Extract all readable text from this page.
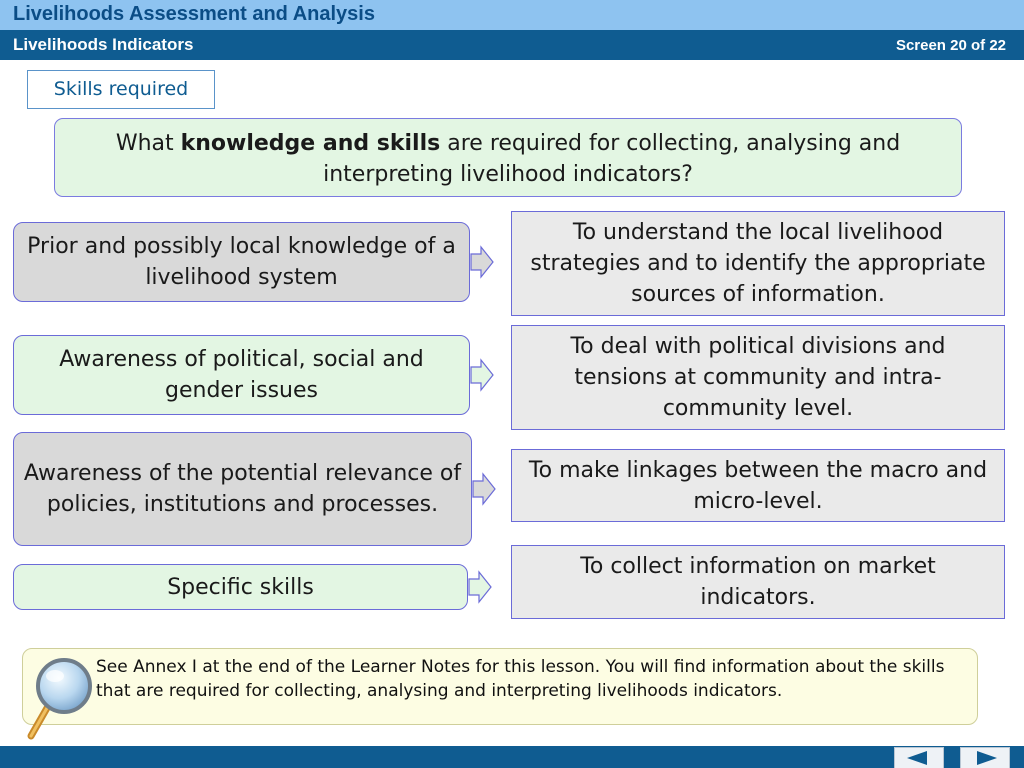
Livelihoods Assessment and Analysis
Livelihoods Indicators	Screen 20 of 22
Skills required
What knowledge and skills are required for collecting, analysing and interpreting livelihood indicators?
Prior and possibly local knowledge of a livelihood system
To understand the local livelihood strategies and to identify the appropriate sources of information.
Awareness of political, social and gender issues
To deal with political divisions and tensions at community and intra-community level.
Awareness of the potential relevance of policies, institutions and processes.
To make linkages between the macro and micro-level.
Specific skills
To collect information on market indicators.
See Annex I at the end of the Learner Notes for this lesson. You will find information about the skills that are required for collecting, analysing and interpreting livelihoods indicators.
